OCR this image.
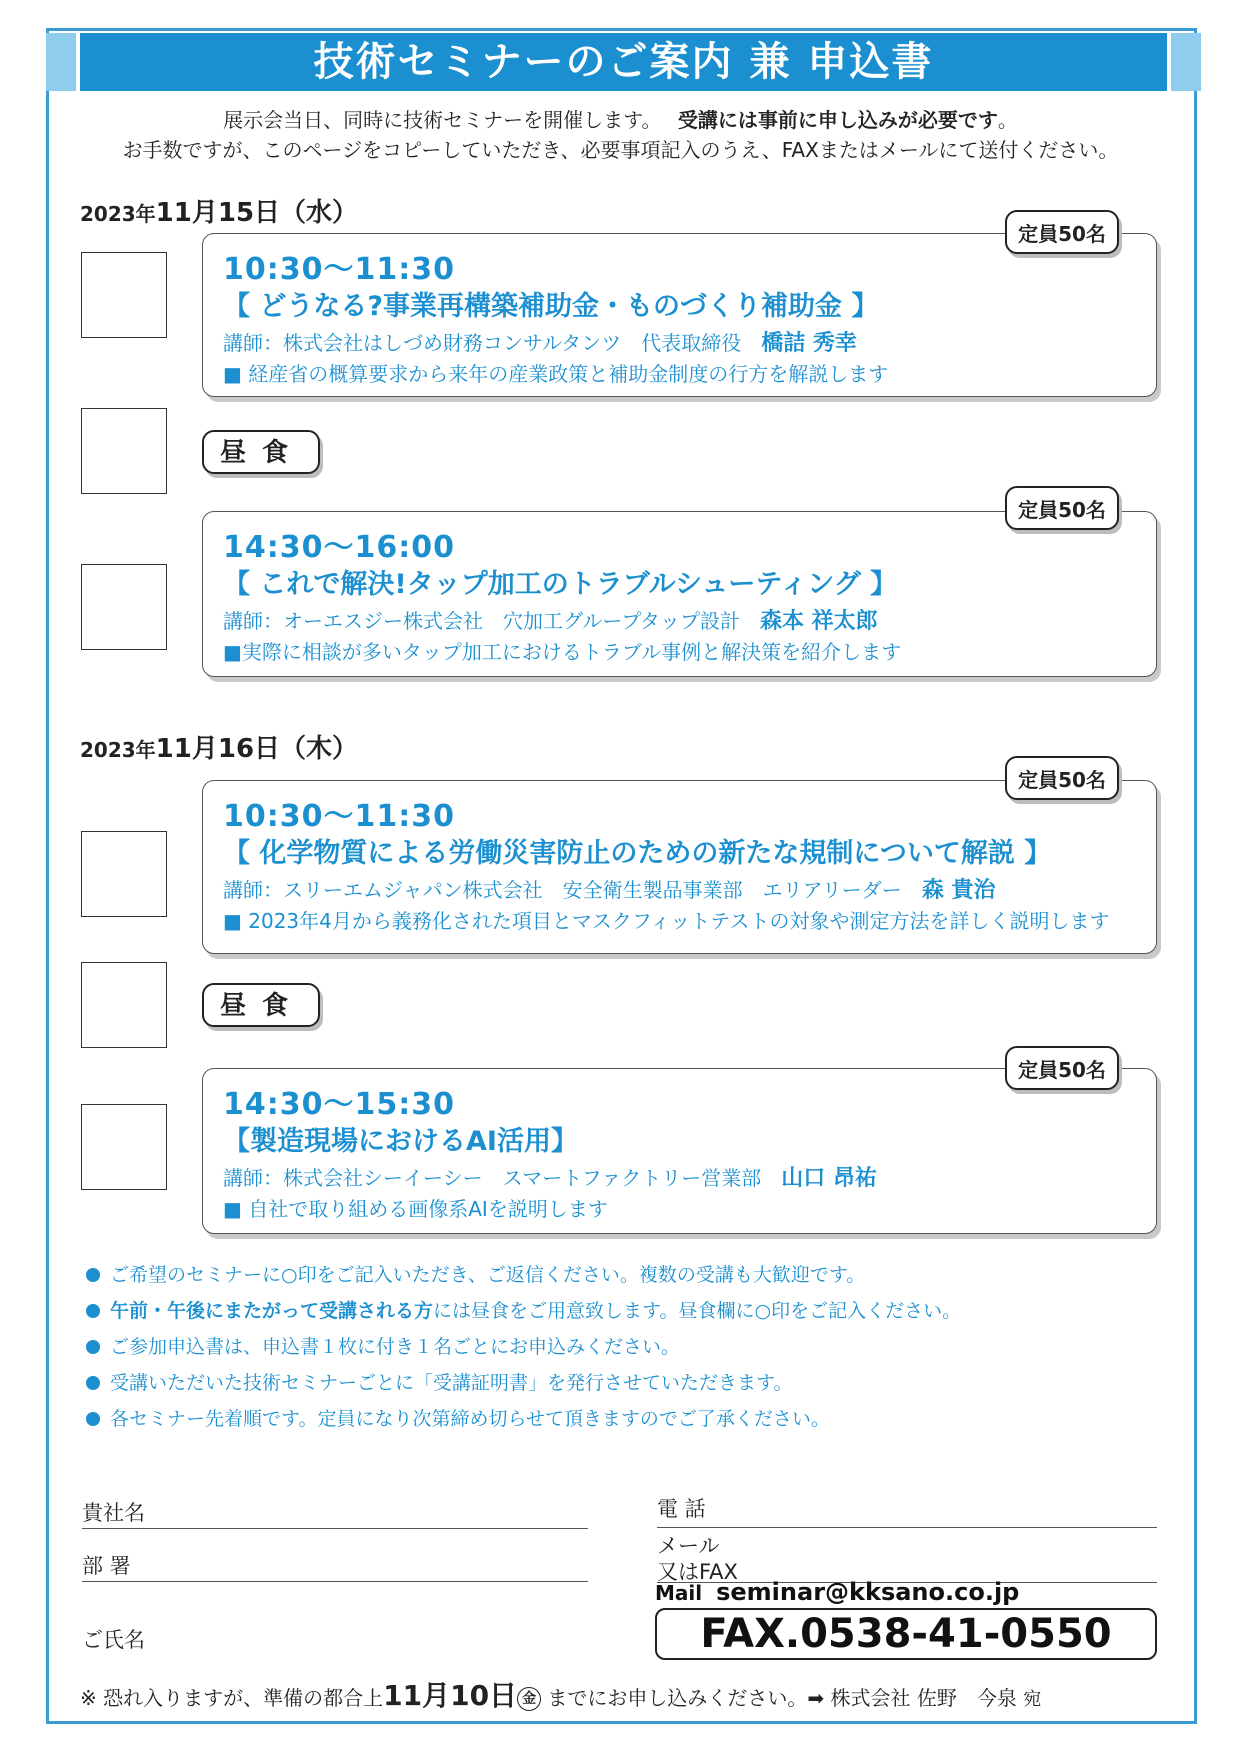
技術セミナーのご案内 兼 申込書
展示会当日、同時に技術セミナーを開催します。　 受講には事前に申し込みが必要です。
お手数ですが、このページをコピーしていただき、必要事項記入のうえ、FAXまたはメールにて送付ください。
2023年11月15日（水）
10:30〜11:30
【 どうなる?事業再構築補助金・ものづくり補助金 】
講師：株式会社はしづめ財務コンサルタンツ　代表取締役　橋詰 秀幸
■ 経産省の概算要求から来年の産業政策と補助金制度の行方を解説します
定員50名
昼食
14:30〜16:00
【 これで解決!タップ加工のトラブルシューティング 】
講師：オーエスジー株式会社　穴加工グループタップ設計　森本 祥太郎
■実際に相談が多いタップ加工におけるトラブル事例と解決策を紹介します
定員50名
2023年11月16日（木）
10:30〜11:30
【 化学物質による労働災害防止のための新たな規制について解説 】
講師：スリーエムジャパン株式会社　安全衛生製品事業部　エリアリーダー　森 貴治
■ 2023年4月から義務化された項目とマスクフィットテストの対象や測定方法を詳しく説明します
定員50名
昼食
14:30〜15:30
【製造現場におけるAI活用】
講師：株式会社シーイーシー　スマートファクトリー営業部　山口 昂祐
■ 自社で取り組める画像系AIを説明します
定員50名
ご希望のセミナーに○印をご記入いただき、ご返信ください。複数の受講も大歓迎です。
午前・午後にまたがって受講される方には昼食をご用意致します。昼食欄に○印をご記入ください。
ご参加申込書は、申込書１枚に付き１名ごとにお申込みください。
受講いただいた技術セミナーごとに「受講証明書」を発行させていただきます。
各セミナー先着順です。定員になり次第締め切らせて頂きますのでご了承ください。
貴社名
部 署
ご氏名
電 話
メール
又はFAX
Mail seminar@kksano.co.jp
FAX.0538-41-0550
※ 恐れ入りますが、準備の都合上11月10日 金 までにお申し込みください。➡ 株式会社 佐野　今泉 宛
